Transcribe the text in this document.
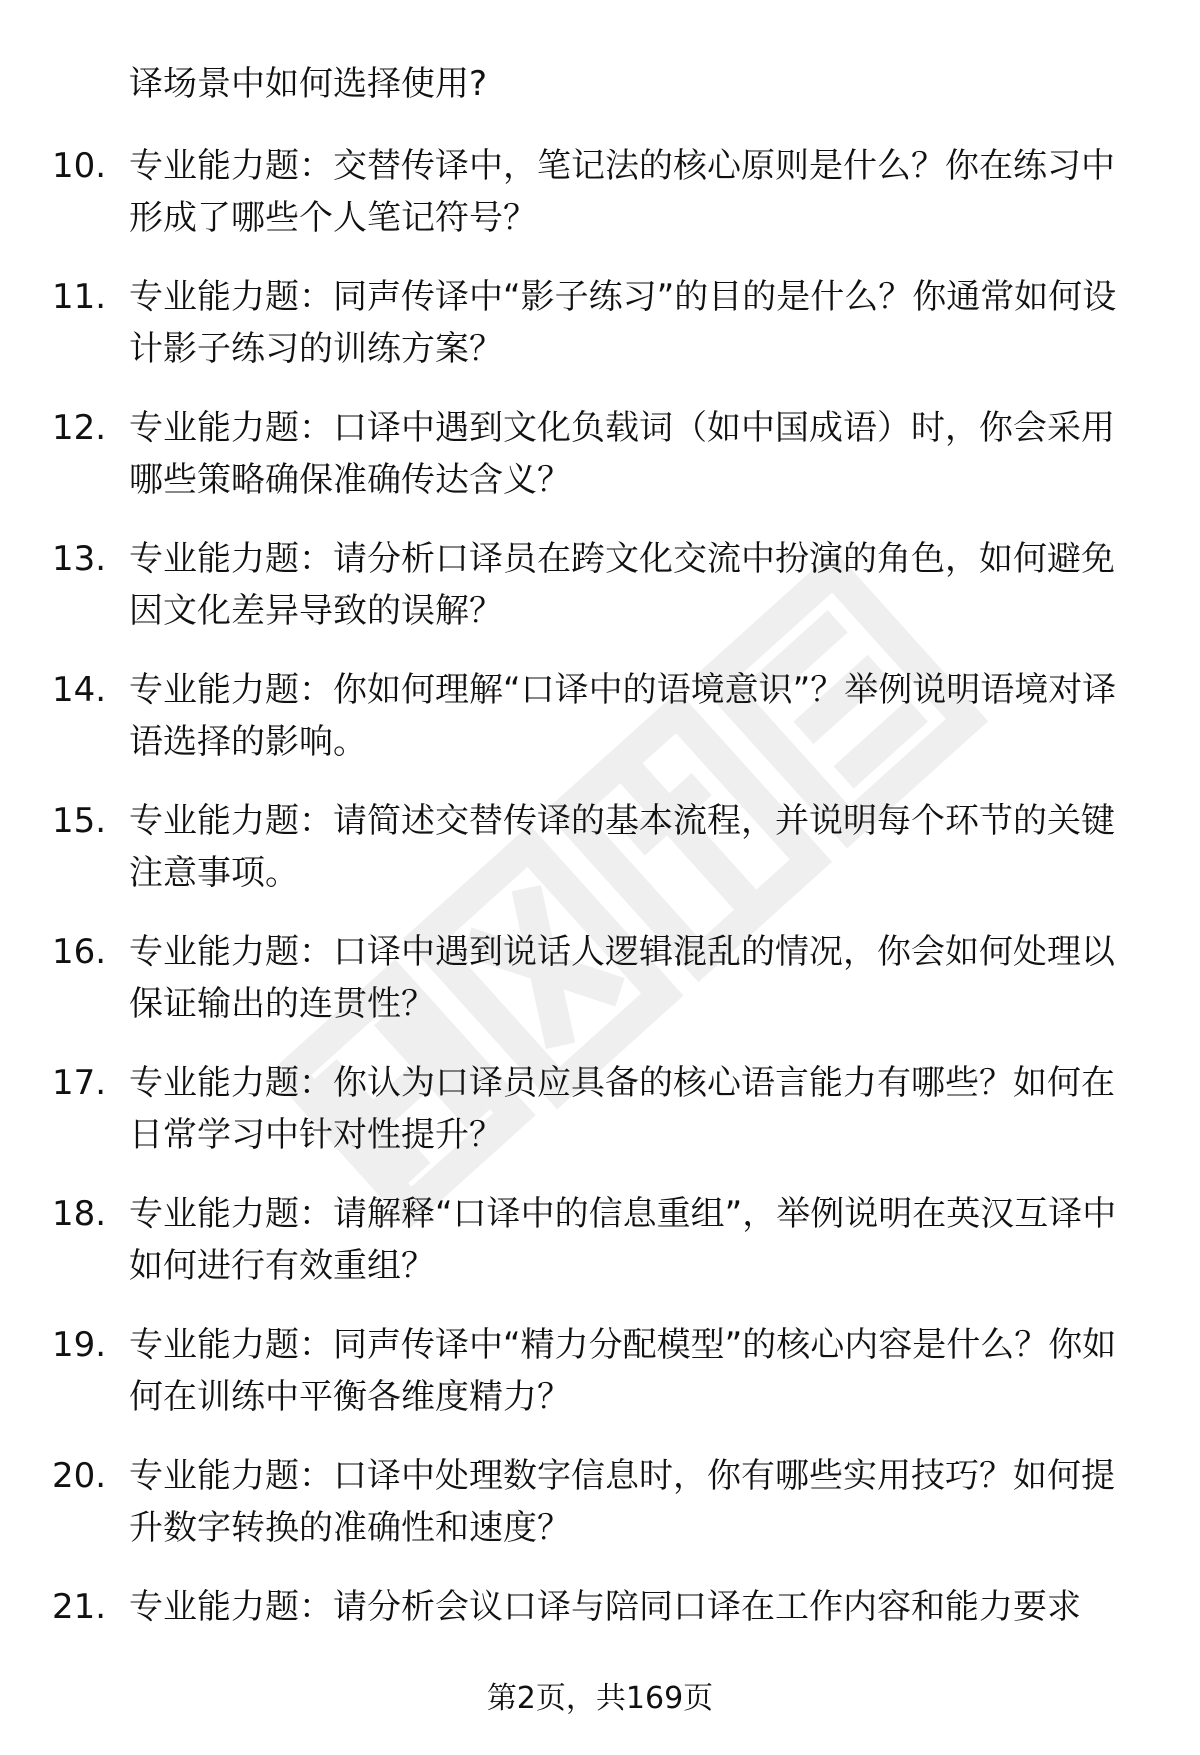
译场景中如何选择使用?

10. 专业能力题：交替传译中，笔记法的核心原则是什么？你在练习中形成了哪些个人笔记符号？
11. 专业能力题：同声传译中“影子练习”的目的是什么？你通常如何设计影子练习的训练方案？
12. 专业能力题：口译中遇到文化负载词（如中国成语）时，你会采用哪些策略确保准确传达含义？
13. 专业能力题：请分析口译员在跨文化交流中扮演的角色，如何避免因文化差异导致的误解？
14. 专业能力题：你如何理解“口译中的语境意识”？举例说明语境对译语选择的影响。
15. 专业能力题：请简述交替传译的基本流程，并说明每个环节的关键注意事项。
16. 专业能力题：口译中遇到说话人逻辑混乱的情况，你会如何处理以保证输出的连贯性？
17. 专业能力题：你认为口译员应具备的核心语言能力有哪些？如何在日常学习中针对性提升？
18. 专业能力题：请解释“口译中的信息重组”，举例说明在英汉互译中如何进行有效重组？
19. 专业能力题：同声传译中“精力分配模型”的核心内容是什么？你如何在训练中平衡各维度精力？
20. 专业能力题：口译中处理数字信息时，你有哪些实用技巧？如何提升数字转换的准确性和速度？
21. 专业能力题：请分析会议口译与陪同口译在工作内容和能力要求
第2页，共169页
